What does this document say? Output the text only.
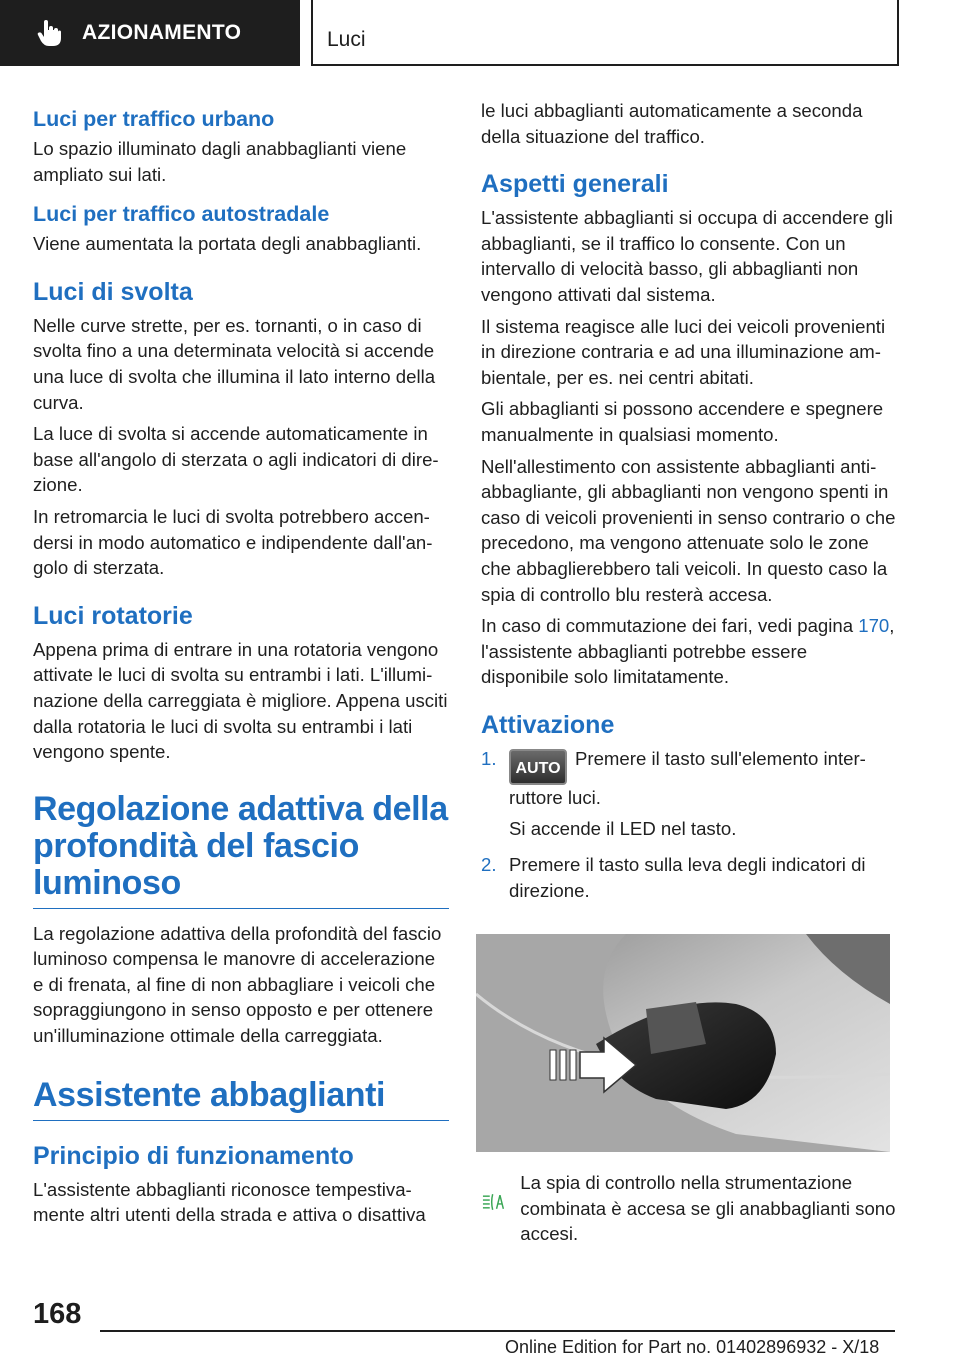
AZIONAMENTO	Luci
Luci per traffico urbano

Lo spazio illuminato dagli anabbaglianti viene ampliato sui lati.

Luci per traffico autostradale

Viene aumentata la portata degli anabbaglianti.

Luci di svolta

Nelle curve strette, per es. tornanti, o in caso di svolta fino a una determinata velocità si accende una luce di svolta che illumina il lato interno della curva.

La luce di svolta si accende automaticamente in base all'angolo di sterzata o agli indicatori di direzione.

In retromarcia le luci di svolta potrebbero accendersi in modo automatico e indipendente dall'angolo di sterzata.

Luci rotatorie

Appena prima di entrare in una rotatoria vengono attivate le luci di svolta su entrambi i lati. L'illuminazione della carreggiata è migliore. Appena usciti dalla rotatoria le luci di svolta su entrambi i lati vengono spente.

Regolazione adattiva della profondità del fascio luminoso

La regolazione adattiva della profondità del fascio luminoso compensa le manovre di accelerazione e di frenata, al fine di non abbagliare i veicoli che sopraggiungono in senso opposto e per ottenere un'illuminazione ottimale della carreggiata.

Assistente abbaglianti
Principio di funzionamento

L'assistente abbaglianti riconosce tempestivamente altri utenti della strada e attiva o disattiva

le luci abbaglianti automaticamente a seconda della situazione del traffico.

Aspetti generali

L'assistente abbaglianti si occupa di accendere gli abbaglianti, se il traffico lo consente. Con un intervallo di velocità basso, gli abbaglianti non vengono attivati dal sistema.

Il sistema reagisce alle luci dei veicoli provenienti in direzione contraria e ad una illuminazione ambientale, per es. nei centri abitati.

Gli abbaglianti si possono accendere e spegnere manualmente in qualsiasi momento.

Nell'allestimento con assistente abbaglianti anti-abbagliante, gli abbaglianti non vengono spenti in caso di veicoli provenienti in senso contrario o che precedono, ma vengono attenuate solo le zone che abbaglierebbero tali veicoli. In questo caso la spia di controllo blu resterà accesa.

In caso di commutazione dei fari, vedi pagina 170, l'assistente abbaglianti potrebbe essere disponibile solo limitatamente.

Attivazione
1.	AUTO Premere il tasto sull'elemento interruttore luci.

Si accende il LED nel tasto.

2. Premere il tasto sulla leva degli indicatori di direzione.

La spia di controllo nella strumentazione combinata è accesa se gli anabbaglianti sono accesi.

168
Online Edition for Part no. 01402896932 - X/18
